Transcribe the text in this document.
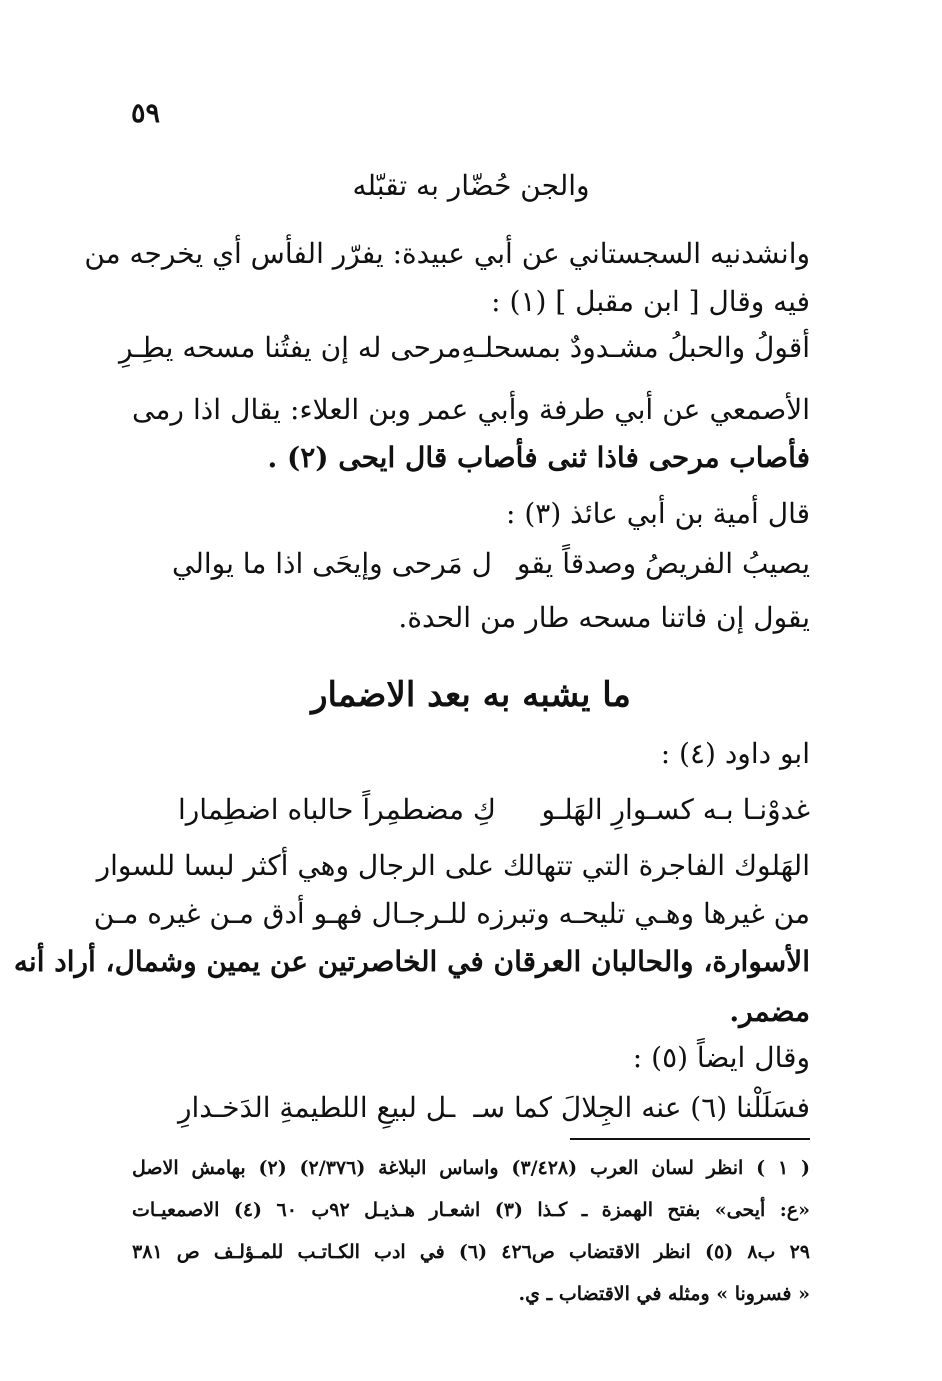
٥٩
والجن حُضّار به تقبّله
وانشدنيه السجستاني عن أبي عبيدة: يفرّر الفأس أي يخرجه من
فيه وقال [ ابن مقبل ] (١) :
أقولُ والحبلُ مشـدودٌ بمسحلـهِ
مرحى له إن يفتُنا مسحه يطِـرِ
الأصمعي عن أبي طرفة وأبي عمر وبن العلاء: يقال اذا رمى
فأصاب مرحى فاذا ثنى فأصاب قال ايحى (٢) .
قال أمية بن أبي عائذ (٣) :
يصيبُ الفريصُ وصدقاً يقو
ل مَرحى وإيحَى اذا ما يوالي
يقول إن فاتنا مسحه طار من الحدة.
ما يشبه به بعد الاضمار
ابو داود (٤) :
غدوْنـا بـه كسـوارِ الهَلـو
كِ مضطمِراً حالباه اضطِمارا
الهَلوك الفاجرة التي تتهالك على الرجال وهي أكثر لبسا للسوار
من غيرها وهـي تليحـه وتبرزه للـرجـال فهـو أدق مـن غيره مـن
الأسوارة، والحالبان العرقان في الخاصرتين عن يمين وشمال، أراد أنه
مضمر.
وقال ايضاً (٥) :
فسَلَلْنا (٦) عنه الجِلالَ كما سـ
ـل لبيعِ اللطيمةِ الدَخـدارِ
( ١ ) انظر لسان العرب (٣/٤٢٨) واساس البلاغة (٢/٣٧٦) (٢) بهامش الاصل
«ع: أيحى» بفتح الهمزة ـ كـذا (٣) اشعـار هـذيـل ٩٢ب ٦٠ (٤) الاصمعيـات
٢٩ ب٨ (٥) انظر الاقتضاب ص٤٢٦ (٦) في ادب الكـاتـب للمـؤلـف ص ٣٨١
« فسرونا » ومثله في الاقتضاب ـ ي.
